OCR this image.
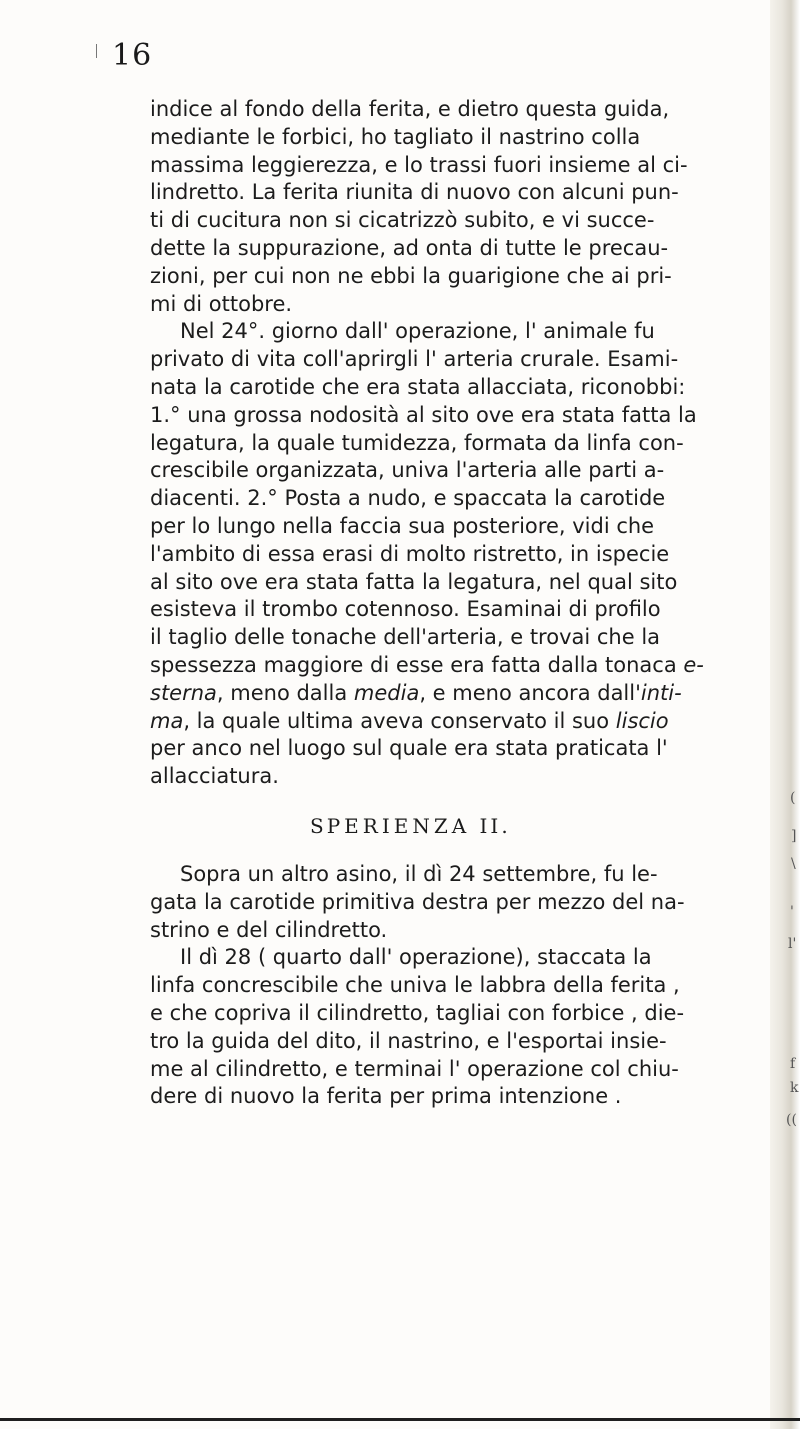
(
]
\
'
l'
f
k
((
16
indice al fondo della ferita, e dietro questa guida,
mediante le forbici, ho tagliato il nastrino colla
massima leggierezza, e lo trassi fuori insieme al ci-
lindretto. La ferita riunita di nuovo con alcuni pun-
ti di cucitura non si cicatrizzò subito, e vi succe-
dette la suppurazione, ad onta di tutte le precau-
zioni, per cui non ne ebbi la guarigione che ai pri-
mi di ottobre.
Nel 24°. giorno dall' operazione, l' animale fu
privato di vita coll'aprirgli l' arteria crurale. Esami-
nata la carotide che era stata allacciata, riconobbi:
1.° una grossa nodosità al sito ove era stata fatta la
legatura, la quale tumidezza, formata da linfa con-
crescibile organizzata, univa l'arteria alle parti a-
diacenti. 2.° Posta a nudo, e spaccata la carotide
per lo lungo nella faccia sua posteriore, vidi che
l'ambito di essa erasi di molto ristretto, in ispecie
al sito ove era stata fatta la legatura, nel qual sito
esisteva il trombo cotennoso. Esaminai di profilo
il taglio delle tonache dell'arteria, e trovai che la
spessezza maggiore di esse era fatta dalla tonaca e-
sterna, meno dalla media, e meno ancora dall'inti-
ma, la quale ultima aveva conservato il suo liscio
per anco nel luogo sul quale era stata praticata l'
allacciatura.
SPERIENZA II.
Sopra un altro asino, il dì 24 settembre, fu le-
gata la carotide primitiva destra per mezzo del na-
strino e del cilindretto.
Il dì 28 ( quarto dall' operazione), staccata la
linfa concrescibile che univa le labbra della ferita ,
e che copriva il cilindretto, tagliai con forbice , die-
tro la guida del dito, il nastrino, e l'esportai insie-
me al cilindretto, e terminai l' operazione col chiu-
dere di nuovo la ferita per prima intenzione .
